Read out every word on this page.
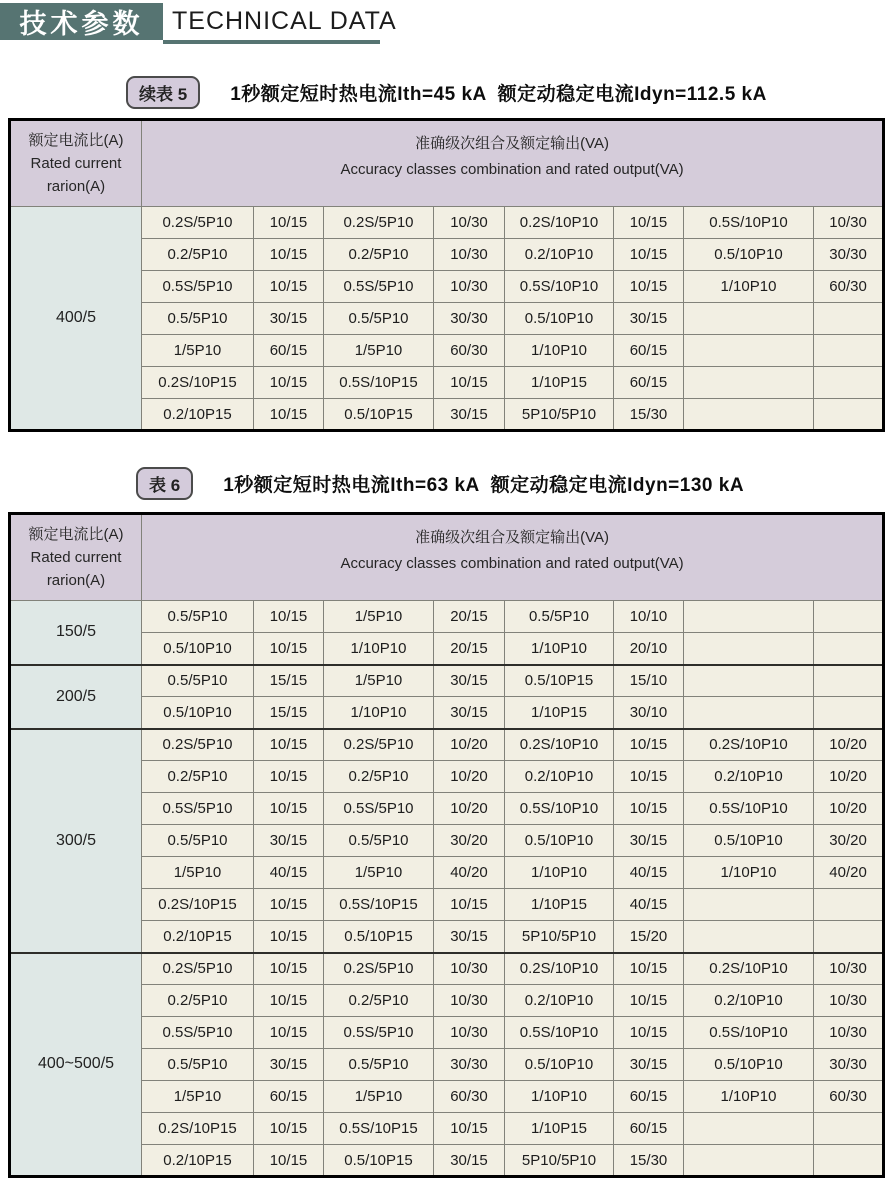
技术参数	TECHNICAL DATA
续表 5	1秒额定短时热电流Ith=45 kA  额定动稳定电流Idyn=112.5 kA
额定电流比(A)
Rated current
rarion(A)

准确级次组合及额定输出(VA)
Accuracy classes combination and rated output(VA)

400/5	0.2S/5P10	10/15	0.2S/5P10	10/30	0.2S/10P10	10/15	0.5S/10P10	10/30
	0.2/5P10	10/15	0.2/5P10	10/30	0.2/10P10	10/15	0.5/10P10	30/30
	0.5S/5P10	10/15	0.5S/5P10	10/30	0.5S/10P10	10/15	1/10P10	60/30
	0.5/5P10	30/15	0.5/5P10	30/30	0.5/10P10	30/15		
	1/5P10	60/15	1/5P10	60/30	1/10P10	60/15		
	0.2S/10P15	10/15	0.5S/10P15	10/15	1/10P15	60/15		
	0.2/10P15	10/15	0.5/10P15	30/15	5P10/5P10	15/30		
表 6	1秒额定短时热电流Ith=63 kA  额定动稳定电流Idyn=130 kA
额定电流比(A)
Rated current
rarion(A)

准确级次组合及额定输出(VA)
Accuracy classes combination and rated output(VA)

150/5	0.5/5P10	10/15	1/5P10	20/15	0.5/5P10	10/10		
	0.5/10P10	10/15	1/10P10	20/15	1/10P10	20/10		
200/5	0.5/5P10	15/15	1/5P10	30/15	0.5/10P15	15/10		
	0.5/10P10	15/15	1/10P10	30/15	1/10P15	30/10		
300/5	0.2S/5P10	10/15	0.2S/5P10	10/20	0.2S/10P10	10/15	0.2S/10P10	10/20
	0.2/5P10	10/15	0.2/5P10	10/20	0.2/10P10	10/15	0.2/10P10	10/20
	0.5S/5P10	10/15	0.5S/5P10	10/20	0.5S/10P10	10/15	0.5S/10P10	10/20
	0.5/5P10	30/15	0.5/5P10	30/20	0.5/10P10	30/15	0.5/10P10	30/20
	1/5P10	40/15	1/5P10	40/20	1/10P10	40/15	1/10P10	40/20
	0.2S/10P15	10/15	0.5S/10P15	10/15	1/10P15	40/15		
	0.2/10P15	10/15	0.5/10P15	30/15	5P10/5P10	15/20		
400~500/5	0.2S/5P10	10/15	0.2S/5P10	10/30	0.2S/10P10	10/15	0.2S/10P10	10/30
	0.2/5P10	10/15	0.2/5P10	10/30	0.2/10P10	10/15	0.2/10P10	10/30
	0.5S/5P10	10/15	0.5S/5P10	10/30	0.5S/10P10	10/15	0.5S/10P10	10/30
	0.5/5P10	30/15	0.5/5P10	30/30	0.5/10P10	30/15	0.5/10P10	30/30
	1/5P10	60/15	1/5P10	60/30	1/10P10	60/15	1/10P10	60/30
	0.2S/10P15	10/15	0.5S/10P15	10/15	1/10P15	60/15		
	0.2/10P15	10/15	0.5/10P15	30/15	5P10/5P10	15/30		
